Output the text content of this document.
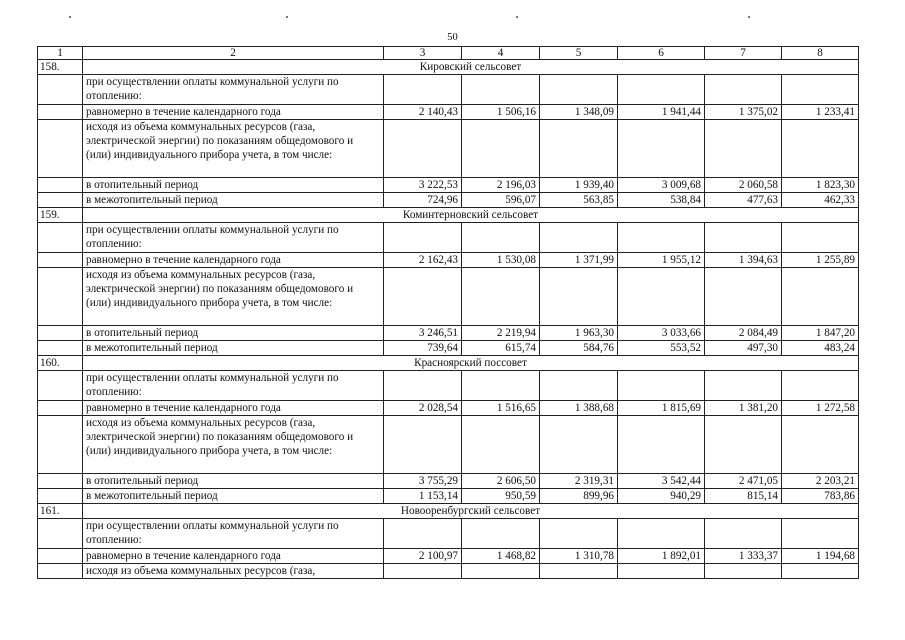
50
1	2	3	4	5	6	7	8
158.	Кировский сельсовет						
	при осуществлении оплаты коммунальной услуги по отоплению:						
	равномерно в течение календарного года	2 140,43	1 506,16	1 348,09	1 941,44	1 375,02	1 233,41
	исходя из объема коммунальных ресурсов (газа, электрической энергии) по показаниям общедомового и (или) индивидуального прибора учета, в том числе:						
	в отопительный период	3 222,53	2 196,03	1 939,40	3 009,68	2 060,58	1 823,30
	в межотопительный период	724,96	596,07	563,85	538,84	477,63	462,33
159.	Коминтерновский сельсовет						
	при осуществлении оплаты коммунальной услуги по отоплению:						
	равномерно в течение календарного года	2 162,43	1 530,08	1 371,99	1 955,12	1 394,63	1 255,89
	исходя из объема коммунальных ресурсов (газа, электрической энергии) по показаниям общедомового и (или) индивидуального прибора учета, в том числе:						
	в отопительный период	3 246,51	2 219,94	1 963,30	3 033,66	2 084,49	1 847,20
	в межотопительный период	739,64	615,74	584,76	553,52	497,30	483,24
160.	Красноярский поссовет						
	при осуществлении оплаты коммунальной услуги по отоплению:						
	равномерно в течение календарного года	2 028,54	1 516,65	1 388,68	1 815,69	1 381,20	1 272,58
	исходя из объема коммунальных ресурсов (газа, электрической энергии) по показаниям общедомового и (или) индивидуального прибора учета, в том числе:						
	в отопительный период	3 755,29	2 606,50	2 319,31	3 542,44	2 471,05	2 203,21
	в межотопительный период	1 153,14	950,59	899,96	940,29	815,14	783,86
161.	Новооренбургский сельсовет						
	при осуществлении оплаты коммунальной услуги по отоплению:						
	равномерно в течение календарного года	2 100,97	1 468,82	1 310,78	1 892,01	1 333,37	1 194,68
	исходя из объема коммунальных ресурсов (газа,						
